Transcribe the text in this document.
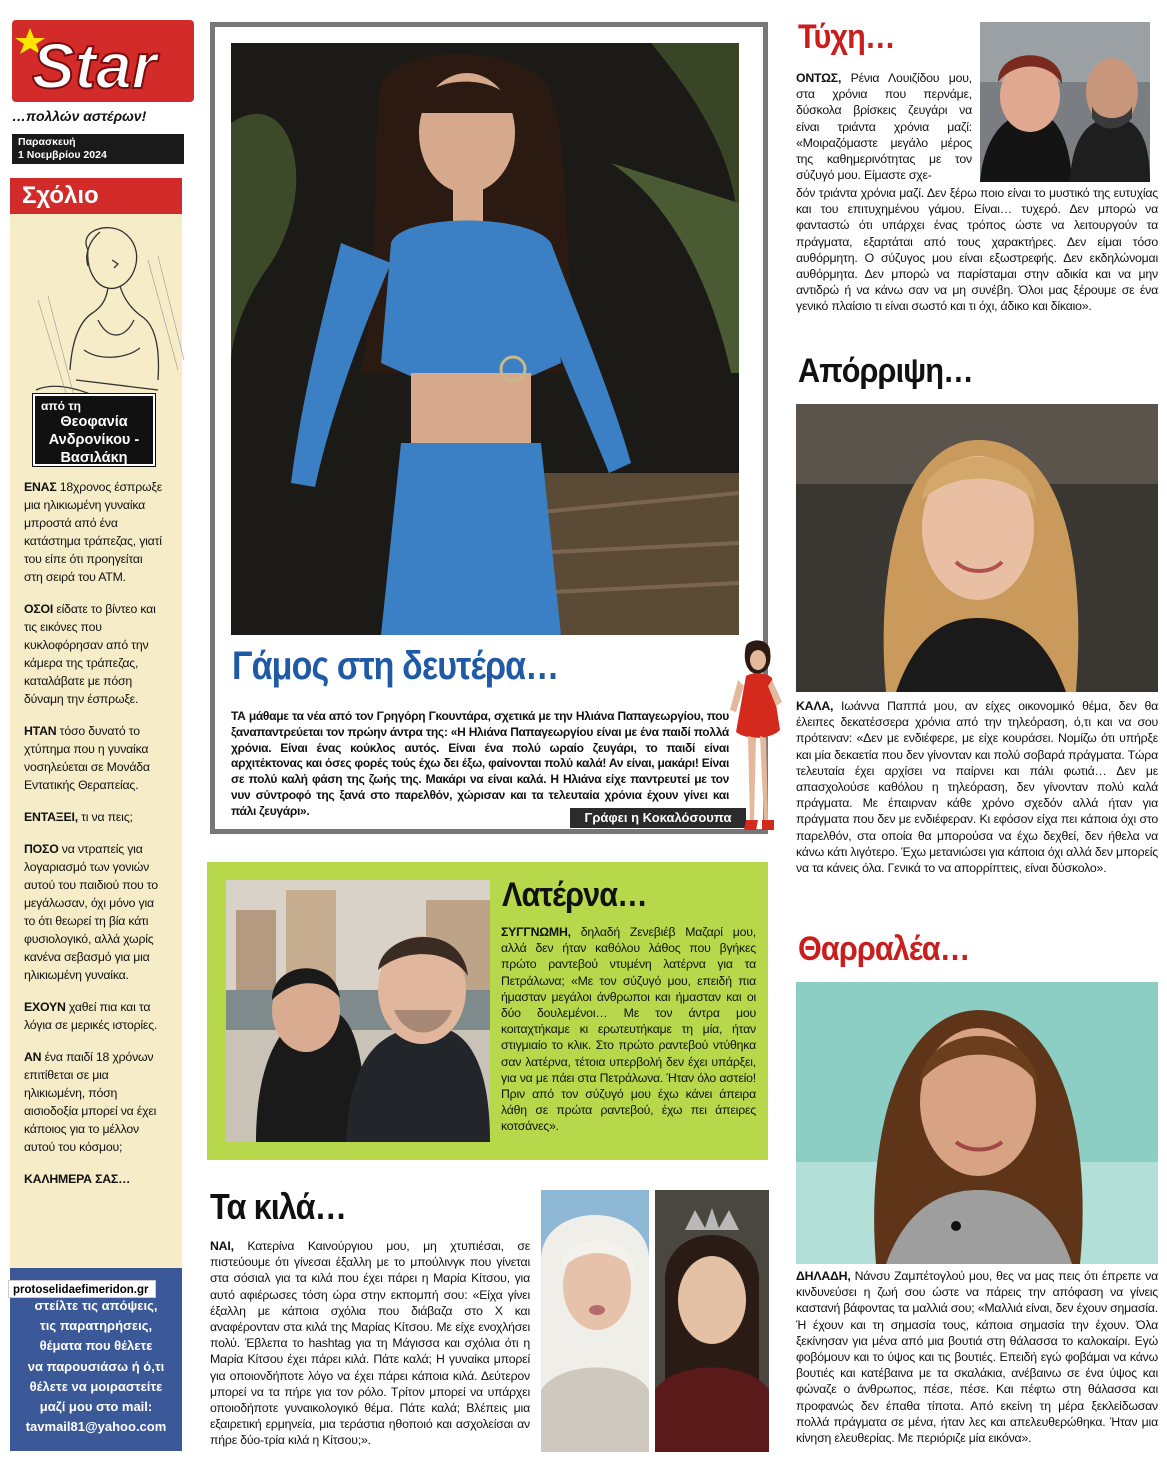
Star
…πολλών αστέρων!
Παρασκευή
1 Νοεμβρίου 2024
Σχόλιο
από τη
Θεοφανία Ανδρονίκου - Βασιλάκη

ΕΝΑΣ 18χρονος έσπρωξε μια ηλικιωμένη γυναίκα μπροστά από ένα κατάστημα τράπεζας, γιατί του είπε ότι προηγείται στη σειρά του ΑΤΜ.

ΟΣΟΙ είδατε το βίντεο και τις εικόνες που κυκλοφόρησαν από την κάμερα της τράπεζας, καταλάβατε με πόση δύναμη την έσπρωξε.

ΗΤΑΝ τόσο δυνατό το χτύπημα που η γυναίκα νοσηλεύεται σε Μονάδα Εντατικής Θεραπείας.

ΕΝΤΑΞΕΙ, τι να πεις;

ΠΟΣΟ να ντραπείς για λογαριασμό των γονιών αυτού του παιδιού που το μεγάλωσαν, όχι μόνο για το ότι θεωρεί τη βία κάτι φυσιολογικό, αλλά χωρίς κανένα σεβασμό για μια ηλικιωμένη γυναίκα.

ΕΧΟΥΝ χαθεί πια και τα λόγια σε μερικές ιστορίες.

ΑΝ ένα παιδί 18 χρόνων επιτίθεται σε μια ηλικιωμένη, πόση αισιοδοξία μπορεί να έχει κάποιος για το μέλλον αυτού του κόσμου;

ΚΑΛΗΜΕΡΑ ΣΑΣ…

στείλτε τις απόψεις,
τις παρατηρήσεις,
θέματα που θέλετε
να παρουσιάσω ή ό,τι
θέλετε να μοιραστείτε
μαζί μου στο mail:
tavmail81@yahoo.com
protoselidaefimeridon.gr
Γάμος στη δευτέρα…
ΤΑ μάθαμε τα νέα από τον Γρηγόρη Γκουντάρα, σχετικά με την Ηλιάνα Παπαγεωργίου, που ξαναπαντρεύεται τον πρώην άντρα της: «Η Ηλιάνα Παπαγεωργίου είναι με ένα παιδί πολλά χρόνια. Είναι ένας κούκλος αυτός. Είναι ένα πολύ ωραίο ζευγάρι, το παιδί είναι αρχιτέκτονας και όσες φορές τούς έχω δει έξω, φαίνονται πολύ καλά! Αν είναι, μακάρι! Είναι σε πολύ καλή φάση της ζωής της. Μακάρι να είναι καλά. Η Ηλιάνα είχε παντρευτεί με τον νυν σύντροφό της ξανά στο παρελθόν, χώρισαν και τα τελευταία χρόνια έχουν γίνει και πάλι ζευγάρι».	Γράφει η Κοκαλόσουπα
Λατέρνα…
ΣΥΓΓΝΩΜΗ, δηλαδή Ζενεβιέβ Μαζαρί μου, αλλά δεν ήταν καθόλου λάθος που βγήκες πρώτο ραντεβού ντυμένη λατέρνα για τα Πετράλωνα; «Με τον σύζυγό μου, επειδή πια ήμασταν μεγάλοι άνθρωποι και ήμασταν και οι δύο δουλεμένοι… Με τον άντρα μου κοιταχτήκαμε κι ερωτευτήκαμε τη μία, ήταν στιγμιαίο το κλικ. Στο πρώτο ραντεβού ντύθηκα σαν λατέρνα, τέτοια υπερβολή δεν έχει υπάρξει, για να με πάει στα Πετράλωνα. Ήταν όλο αστείο! Πριν από τον σύζυγό μου έχω κάνει άπειρα λάθη σε πρώτα ραντεβού, έχω πει άπειρες κοτσάνες».
Τα κιλά…
ΝΑΙ, Κατερίνα Καινούργιου μου, μη χτυπιέσαι, σε πιστεύουμε ότι γίνεσαι έξαλλη με το μπούλινγκ που γίνεται στα σόσιαλ για τα κιλά που έχει πάρει η Μαρία Κίτσου, για αυτό αφιέρωσες τόση ώρα στην εκπομπή σου: «Είχα γίνει έξαλλη με κάποια σχόλια που διάβαζα στο Χ και αναφέρονταν στα κιλά της Μαρίας Κίτσου. Με είχε ενοχλήσει πολύ. Έβλεπα το hashtag για τη Μάγισσα και σχόλια ότι η Μαρία Κίτσου έχει πάρει κιλά. Πάτε καλά; Η γυναίκα μπορεί για οποιονδήποτε λόγο να έχει πάρει κάποια κιλά. Δεύτερον μπορεί να τα πήρε για τον ρόλο. Τρίτον μπορεί να υπάρχει οποιοδήποτε γυναικολογικό θέμα. Πάτε καλά; Βλέπεις μια εξαιρετική ερμηνεία, μια τεράστια ηθοποιό και ασχολείσαι αν πήρε δύο-τρία κιλά η Κίτσου;».
Τύχη…
ΟΝΤΩΣ, Ρένια Λουιζίδου μου, στα χρόνια που περνάμε, δύσκολα βρίσκεις ζευγάρι να είναι τριάντα χρόνια μαζί: «Μοιραζόμαστε μεγάλο μέρος της καθημερινότητας με τον σύζυγό μου. Είμαστε σχε-
δόν τριάντα χρόνια μαζί. Δεν ξέρω ποιο είναι το μυστικό της ευτυχίας και του επιτυχημένου γάμου. Είναι… τυχερό. Δεν μπορώ να φανταστώ ότι υπάρχει ένας τρόπος ώστε να λειτουργούν τα πράγματα, εξαρτάται από τους χαρακτήρες. Δεν είμαι τόσο αυθόρμητη. Ο σύζυγος μου είναι εξωστρεφής. Δεν εκδηλώνομαι αυθόρμητα. Δεν μπορώ να παρίσταμαι στην αδικία και να μην αντιδρώ ή να κάνω σαν να μη συνέβη. Όλοι μας ξέρουμε σε ένα γενικό πλαίσιο τι είναι σωστό και τι όχι, άδικο και δίκαιο».
Απόρριψη…
ΚΑΛΑ, Ιωάννα Παππά μου, αν είχες οικονομικό θέμα, δεν θα έλειπες δεκατέσσερα χρόνια από την τηλεόραση, ό,τι και να σου πρότειναν: «Δεν με ενδιέφερε, με είχε κουράσει. Νομίζω ότι υπήρξε και μία δεκαετία που δεν γίνονταν και πολύ σοβαρά πράγματα. Τώρα τελευταία έχει αρχίσει να παίρνει και πάλι φωτιά… Δεν με απασχολούσε καθόλου η τηλεόραση, δεν γίνονταν πολύ καλά πράγματα. Με έπαιρναν κάθε χρόνο σχεδόν αλλά ήταν για πράγματα που δεν με ενδιέφεραν. Κι εφόσον είχα πει κάποια όχι στο παρελθόν, στα οποία θα μπορούσα να έχω δεχθεί, δεν ήθελα να κάνω κάτι λιγότερο. Έχω μετανιώσει για κάποια όχι αλλά δεν μπορείς να τα κάνεις όλα. Γενικά το να απορρίπτεις, είναι δύσκολο».
Θαρραλέα…
ΔΗΛΑΔΗ, Νάνσυ Ζαμπέτογλού μου, θες να μας πεις ότι έπρεπε να κινδυνεύσει η ζωή σου ώστε να πάρεις την απόφαση να γίνεις καστανή βάφοντας τα μαλλιά σου; «Μαλλιά είναι, δεν έχουν σημασία. Ή έχουν και τη σημασία τους, κάποια σημασία την έχουν. Όλα ξεκίνησαν για μένα από μια βουτιά στη θάλασσα το καλοκαίρι. Εγώ φοβόμουν και το ύψος και τις βουτιές. Επειδή εγώ φοβάμαι να κάνω βουτιές και κατέβαινα με τα σκαλάκια, ανέβαινω σε ένα ύψος και φώναζε ο άνθρωπος, πέσε, πέσε. Και πέφτω στη θάλασσα και προφανώς δεν έπαθα τίποτα. Από εκείνη τη μέρα ξεκλείδωσαν πολλά πράγματα σε μένα, ήταν λες και απελευθερώθηκα. Ήταν μια κίνηση ελευθερίας. Με περιόριζε μία εικόνα».
